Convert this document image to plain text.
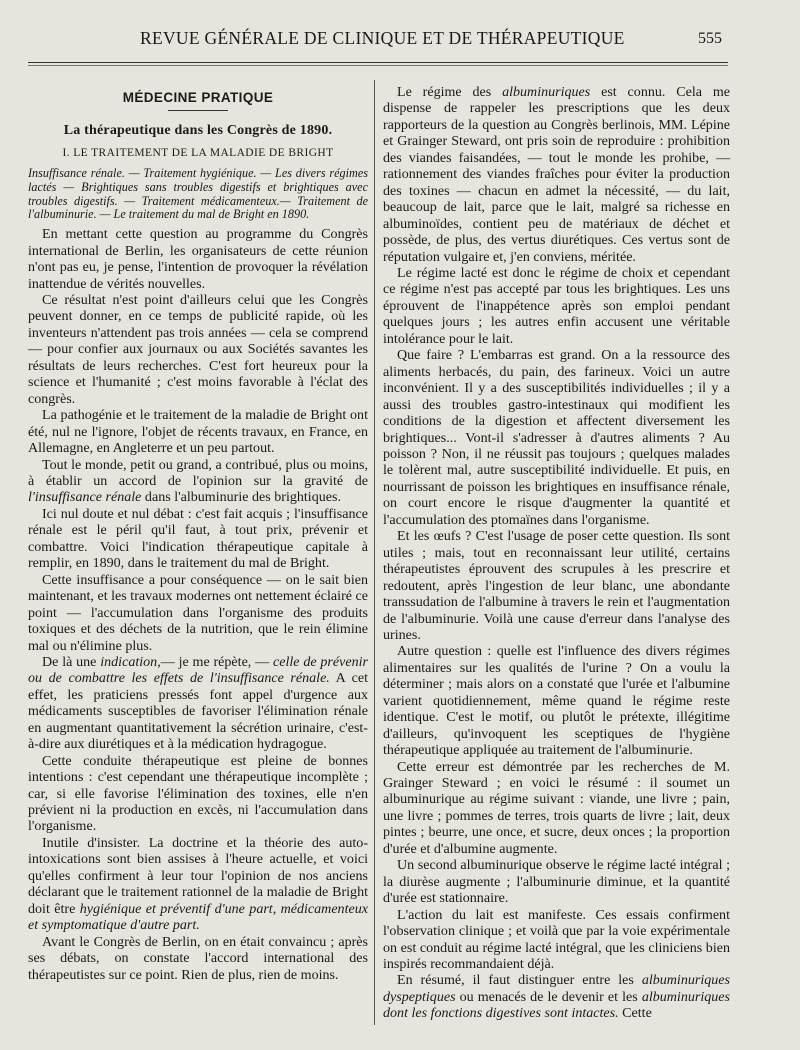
REVUE GÉNÉRALE DE CLINIQUE ET DE THÉRAPEUTIQUE	555
MÉDECINE PRATIQUE
La thérapeutique dans les Congrès de 1890.
I. LE TRAITEMENT DE LA MALADIE DE BRIGHT

Insuffisance rénale. — Traitement hygiénique. — Les divers régimes lactés — Brightiques sans troubles digestifs et brightiques avec troubles digestifs. — Traitement médicamenteux.— Traitement de l'albuminurie. — Le traitement du mal de Bright en 1890.

En mettant cette question au programme du Congrès international de Berlin, les organisateurs de cette réunion n'ont pas eu, je pense, l'intention de provoquer la révélation inattendue de vérités nouvelles.

Ce résultat n'est point d'ailleurs celui que les Congrès peuvent donner, en ce temps de publicité rapide, où les inventeurs n'attendent pas trois années — cela se comprend — pour confier aux journaux ou aux Sociétés savantes les résultats de leurs recherches. C'est fort heureux pour la science et l'humanité ; c'est moins favorable à l'éclat des congrès.

La pathogénie et le traitement de la maladie de Bright ont été, nul ne l'ignore, l'objet de récents travaux, en France, en Allemagne, en Angleterre et un peu partout.

Tout le monde, petit ou grand, a contribué, plus ou moins, à établir un accord de l'opinion sur la gravité de l'insuffisance rénale dans l'albuminurie des brightiques.

Ici nul doute et nul débat : c'est fait acquis ; l'insuffisance rénale est le péril qu'il faut, à tout prix, prévenir et combattre. Voici l'indication thérapeutique capitale à remplir, en 1890, dans le traitement du mal de Bright.

Cette insuffisance a pour conséquence — on le sait bien maintenant, et les travaux modernes ont nettement éclairé ce point — l'accumulation dans l'organisme des produits toxiques et des déchets de la nutrition, que le rein élimine mal ou n'élimine plus.

De là une indication,— je me répète, — celle de prévenir ou de combattre les effets de l'insuffisance rénale. A cet effet, les praticiens pressés font appel d'urgence aux médicaments susceptibles de favoriser l'élimination rénale en augmentant quantitativement la sécrétion urinaire, c'est-à-dire aux diurétiques et à la médication hydragogue.

Cette conduite thérapeutique est pleine de bonnes intentions : c'est cependant une thérapeutique incomplète ; car, si elle favorise l'élimination des toxines, elle n'en prévient ni la production en excès, ni l'accumulation dans l'organisme.

Inutile d'insister. La doctrine et la théorie des auto-intoxications sont bien assises à l'heure actuelle, et voici qu'elles confirment à leur tour l'opinion de nos anciens déclarant que le traitement rationnel de la maladie de Bright doit être hygiénique et préventif d'une part, médicamenteux et symptomatique d'autre part.

Avant le Congrès de Berlin, on en était convaincu ; après ses débats, on constate l'accord international des thérapeutistes sur ce point. Rien de plus, rien de moins.

Le régime des albuminuriques est connu. Cela me dispense de rappeler les prescriptions que les deux rapporteurs de la question au Congrès berlinois, MM. Lépine et Grainger Steward, ont pris soin de reproduire : prohibition des viandes faisandées, — tout le monde les prohibe, — rationnement des viandes fraîches pour éviter la production des toxines — chacun en admet la nécessité, — du lait, beaucoup de lait, parce que le lait, malgré sa richesse en albuminoïdes, contient peu de matériaux de déchet et possède, de plus, des vertus diurétiques. Ces vertus sont de réputation vulgaire et, j'en conviens, méritée.

Le régime lacté est donc le régime de choix et cependant ce régime n'est pas accepté par tous les brightiques. Les uns éprouvent de l'inappétence après son emploi pendant quelques jours ; les autres enfin accusent une véritable intolérance pour le lait.

Que faire ? L'embarras est grand. On a la ressource des aliments herbacés, du pain, des farineux. Voici un autre inconvénient. Il y a des susceptibilités individuelles ; il y a aussi des troubles gastro-intestinaux qui modifient les conditions de la digestion et affectent diversement les brightiques... Vont-il s'adresser à d'autres aliments ? Au poisson ? Non, il ne réussit pas toujours ; quelques malades le tolèrent mal, autre susceptibilité individuelle. Et puis, en nourrissant de poisson les brightiques en insuffisance rénale, on court encore le risque d'augmenter la quantité et l'accumulation des ptomaïnes dans l'organisme.

Et les œufs ? C'est l'usage de poser cette question. Ils sont utiles ; mais, tout en reconnaissant leur utilité, certains thérapeutistes éprouvent des scrupules à les prescrire et redoutent, après l'ingestion de leur blanc, une abondante transsudation de l'albumine à travers le rein et l'augmentation de l'albuminurie. Voilà une cause d'erreur dans l'analyse des urines.

Autre question : quelle est l'influence des divers régimes alimentaires sur les qualités de l'urine ? On a voulu la déterminer ; mais alors on a constaté que l'urée et l'albumine varient quotidiennement, même quand le régime reste identique. C'est le motif, ou plutôt le prétexte, illégitime d'ailleurs, qu'invoquent les sceptiques de l'hygiène thérapeutique appliquée au traitement de l'albuminurie.

Cette erreur est démontrée par les recherches de M. Grainger Steward ; en voici le résumé : il soumet un albuminurique au régime suivant : viande, une livre ; pain, une livre ; pommes de terres, trois quarts de livre ; lait, deux pintes ; beurre, une once, et sucre, deux onces ; la proportion d'urée et d'albumine augmente.

Un second albuminurique observe le régime lacté intégral ; la diurèse augmente ; l'albuminurie diminue, et la quantité d'urée est stationnaire.

L'action du lait est manifeste. Ces essais confirment l'observation clinique ; et voilà que par la voie expérimentale on est conduit au régime lacté intégral, que les cliniciens bien inspirés recommandaient déjà.

En résumé, il faut distinguer entre les albuminuriques dyspeptiques ou menacés de le devenir et les albuminuriques dont les fonctions digestives sont intactes. Cette
